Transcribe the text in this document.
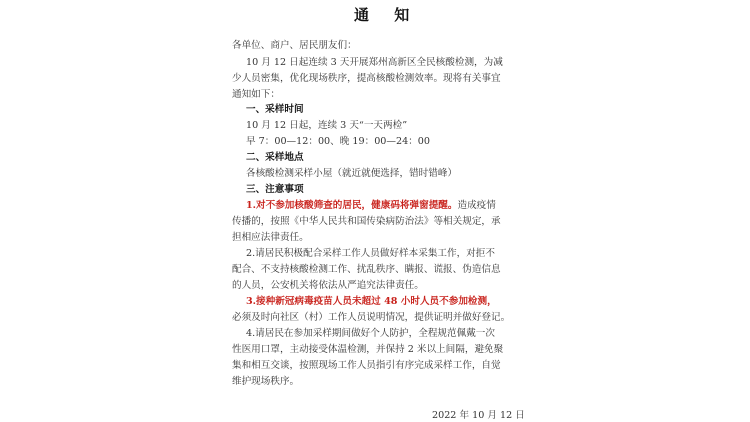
通 知
各单位、商户、居民朋友们：
10 月 12 日起连续 3 天开展郑州高新区全民核酸检测，为减
少人员密集，优化现场秩序，提高核酸检测效率。现将有关事宜
通知如下：
一、采样时间
10 月 12 日起，连续 3 天“一天两检”
早 7：00—12：00、晚 19：00—24：00
二、采样地点
各核酸检测采样小屋（就近就便选择，错时错峰）
三、注意事项
1.对不参加核酸筛查的居民，健康码将弹窗提醒。造成疫情
传播的，按照《中华人民共和国传染病防治法》等相关规定，承
担相应法律责任。
2.请居民积极配合采样工作人员做好样本采集工作，对拒不
配合、不支持核酸检测工作、扰乱秩序、瞒报、谎报、伪造信息
的人员，公安机关将依法从严追究法律责任。
3.接种新冠病毒疫苗人员未超过 48 小时人员不参加检测，
必须及时向社区（村）工作人员说明情况，提供证明并做好登记。
4.请居民在参加采样期间做好个人防护，全程规范佩戴一次
性医用口罩，主动接受体温检测，并保持 2 米以上间隔，避免聚
集和相互交谈，按照现场工作人员指引有序完成采样工作，自觉
维护现场秩序。
2022 年 10 月 12 日
